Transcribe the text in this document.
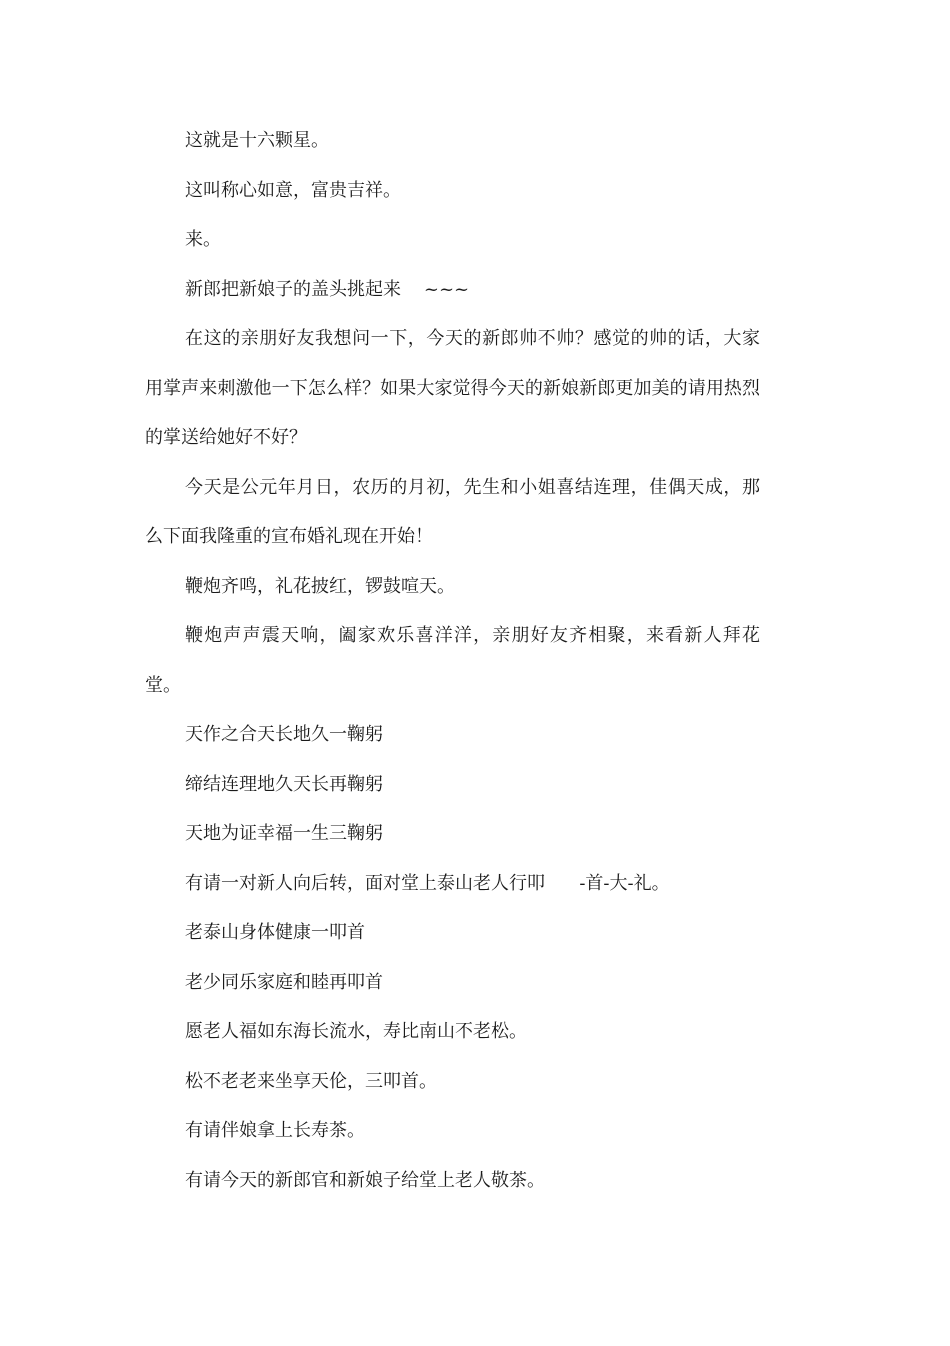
这就是十六颗星。

这叫称心如意，富贵吉祥。

来。

新郎把新娘子的盖头挑起来    ~~~

在这的亲朋好友我想问一下，今天的新郎帅不帅？感觉的帅的话，大家用掌声来刺激他一下怎么样？如果大家觉得今天的新娘新郎更加美的请用热烈的掌送给她好不好？

今天是公元年月日，农历的月初，先生和小姐喜结连理，佳偶天成，那么下面我隆重的宣布婚礼现在开始！

鞭炮齐鸣，礼花披红，锣鼓喧天。

鞭炮声声震天响，阖家欢乐喜洋洋，亲朋好友齐相聚，来看新人拜花堂。

天作之合天长地久一鞠躬

缔结连理地久天长再鞠躬

天地为证幸福一生三鞠躬

有请一对新人向后转，面对堂上泰山老人行叩      -首-大-礼。

老泰山身体健康一叩首

老少同乐家庭和睦再叩首

愿老人福如东海长流水，寿比南山不老松。

松不老老来坐享天伦，三叩首。

有请伴娘拿上长寿茶。

有请今天的新郎官和新娘子给堂上老人敬茶。
